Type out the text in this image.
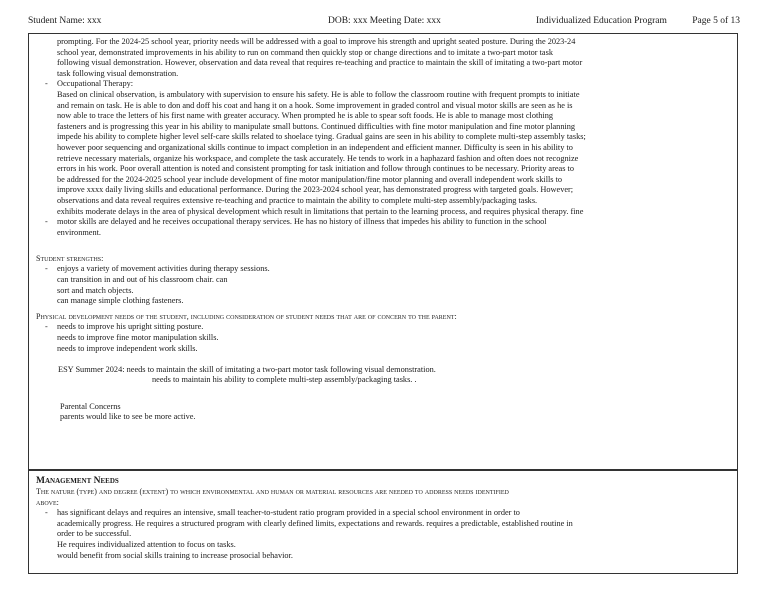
Student Name: xxx	DOB: xxx Meeting Date: xxx	Individualized Education Program	Page 5 of 13

prompting. For the 2024-25 school year, priority needs will be addressed with a goal to improve his strength and upright seated posture. During the 2023-24

school year, demonstrated improvements in his ability to run on command then quickly stop or change directions and to imitate a two-part motor task

following visual demonstration. However, observation and data reveal that requires re-teaching and practice to maintain the skill of imitating a two-part motor

task following visual demonstration.

- Occupational Therapy:

Based on clinical observation, is ambulatory with supervision to ensure his safety. He is able to follow the classroom routine with frequent prompts to initiate

and remain on task. He is able to don and doff his coat and hang it on a hook. Some improvement in graded control and visual motor skills are seen as he is

now able to trace the letters of his first name with greater accuracy. When prompted he is able to spear soft foods. He is able to manage most clothing

fasteners and is progressing this year in his ability to manipulate small buttons. Continued difficulties with fine motor manipulation and fine motor planning

impede his ability to complete higher level self-care skills related to shoelace tying. Gradual gains are seen in his ability to complete multi-step assembly tasks;

however poor sequencing and organizational skills continue to impact completion in an independent and efficient manner. Difficulty is seen in his ability to

retrieve necessary materials, organize his workspace, and complete the task accurately. He tends to work in a haphazard fashion and often does not recognize

errors in his work. Poor overall attention is noted and consistent prompting for task initiation and follow through continues to be necessary. Priority areas to

be addressed for the 2024-2025 school year include development of fine motor manipulation/fine motor planning and overall independent work skills to

improve xxxx daily living skills and educational performance. During the 2023-2024 school year, has demonstrated progress with targeted goals. However;

observations and data reveal requires extensive re-teaching and practice to maintain the ability to complete multi-step assembly/packaging tasks.

exhibits moderate delays in the area of physical development which result in limitations that pertain to the learning process, and requires physical therapy. fine

- motor skills are delayed and he receives occupational therapy services. He has no history of illness that impedes his ability to function in the school

environment.

Student strengths:
- enjoys a variety of movement activities during therapy sessions.

can transition in and out of his classroom chair. can

sort and match objects.

can manage simple clothing fasteners.

Physical development needs of the student, including consideration of student needs that are of concern to the parent:
- needs to improve his upright sitting posture.

needs to improve fine motor manipulation skills.

needs to improve independent work skills.

ESY Summer 2024: needs to maintain the skill of imitating a two-part motor task following visual demonstration.
needs to maintain his ability to complete multi-step assembly/packaging tasks. .

Parental Concerns

parents would like to see be more active.

Management Needs
The nature (type) and degree (extent) to which environmental and human or material resources are needed to address needs identified
above:
- has significant delays and requires an intensive, small teacher-to-student ratio program provided in a special school environment in order to

academically progress. He requires a structured program with clearly defined limits, expectations and rewards. requires a predictable, established routine in

order to be successful.

He requires individualized attention to focus on tasks.

would benefit from social skills training to increase prosocial behavior.
